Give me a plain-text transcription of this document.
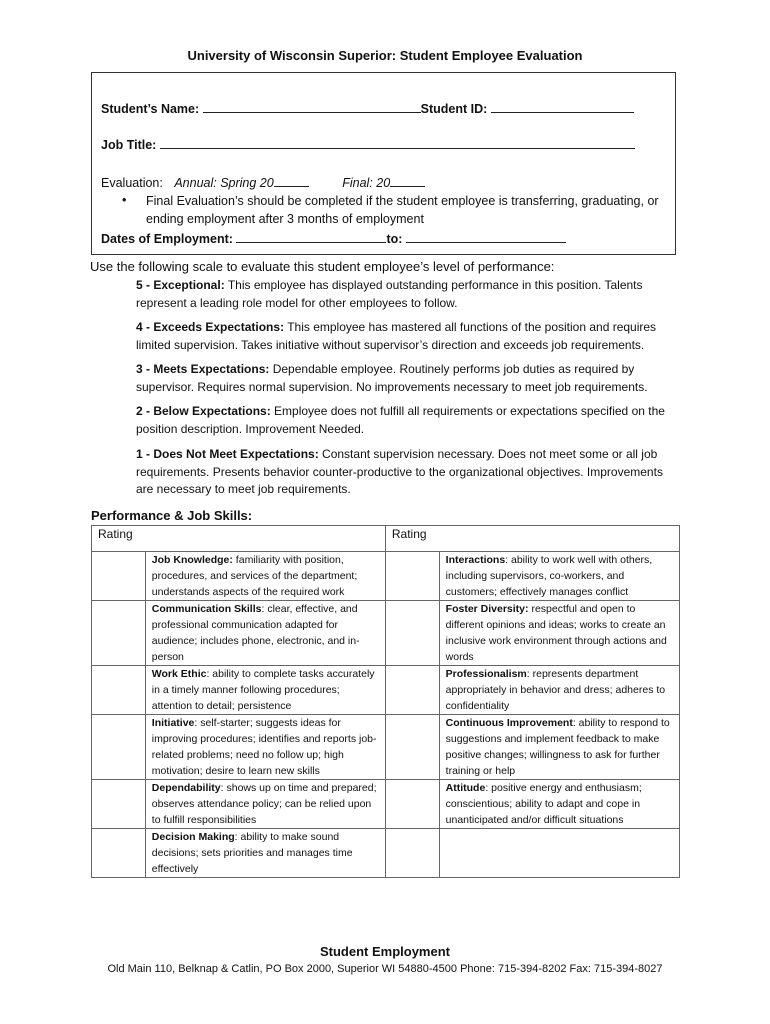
University of Wisconsin Superior: Student Employee Evaluation
Student’s Name:	Student ID:
Job Title:
Evaluation: Annual: Spring 20	Final: 20
• Final Evaluation’s should be completed if the student employee is transferring, graduating, or ending employment after 3 months of employment
Dates of Employment:	to:
Use the following scale to evaluate this student employee’s level of performance:
5 - Exceptional: This employee has displayed outstanding performance in this position. Talents represent a leading role model for other employees to follow.
4 - Exceeds Expectations: This employee has mastered all functions of the position and requires limited supervision. Takes initiative without supervisor’s direction and exceeds job requirements.
3 - Meets Expectations: Dependable employee. Routinely performs job duties as required by supervisor. Requires normal supervision. No improvements necessary to meet job requirements.
2 - Below Expectations: Employee does not fulfill all requirements or expectations specified on the position description. Improvement Needed.
1 - Does Not Meet Expectations: Constant supervision necessary. Does not meet some or all job requirements. Presents behavior counter-productive to the organizational objectives. Improvements are necessary to meet job requirements.
Performance & Job Skills:
Rating		Rating	
	Job Knowledge: familiarity with position, procedures, and services of the department; understands aspects of the required work		Interactions: ability to work well with others, including supervisors, co-workers, and customers; effectively manages conflict
	Communication Skills: clear, effective, and professional communication adapted for audience; includes phone, electronic, and in-person		Foster Diversity: respectful and open to different opinions and ideas; works to create an inclusive work environment through actions and words
	Work Ethic: ability to complete tasks accurately in a timely manner following procedures; attention to detail; persistence		Professionalism: represents department appropriately in behavior and dress; adheres to confidentiality
	Initiative: self-starter; suggests ideas for improving procedures; identifies and reports job-related problems; need no follow up; high motivation; desire to learn new skills		Continuous Improvement: ability to respond to suggestions and implement feedback to make positive changes; willingness to ask for further training or help
	Dependability: shows up on time and prepared; observes attendance policy; can be relied upon to fulfill responsibilities		Attitude: positive energy and enthusiasm; conscientious; ability to adapt and cope in unanticipated and/or difficult situations
	Decision Making: ability to make sound decisions; sets priorities and manages time effectively		
Student Employment
Old Main 110, Belknap & Catlin, PO Box 2000, Superior WI 54880-4500 Phone: 715-394-8202 Fax: 715-394-8027
